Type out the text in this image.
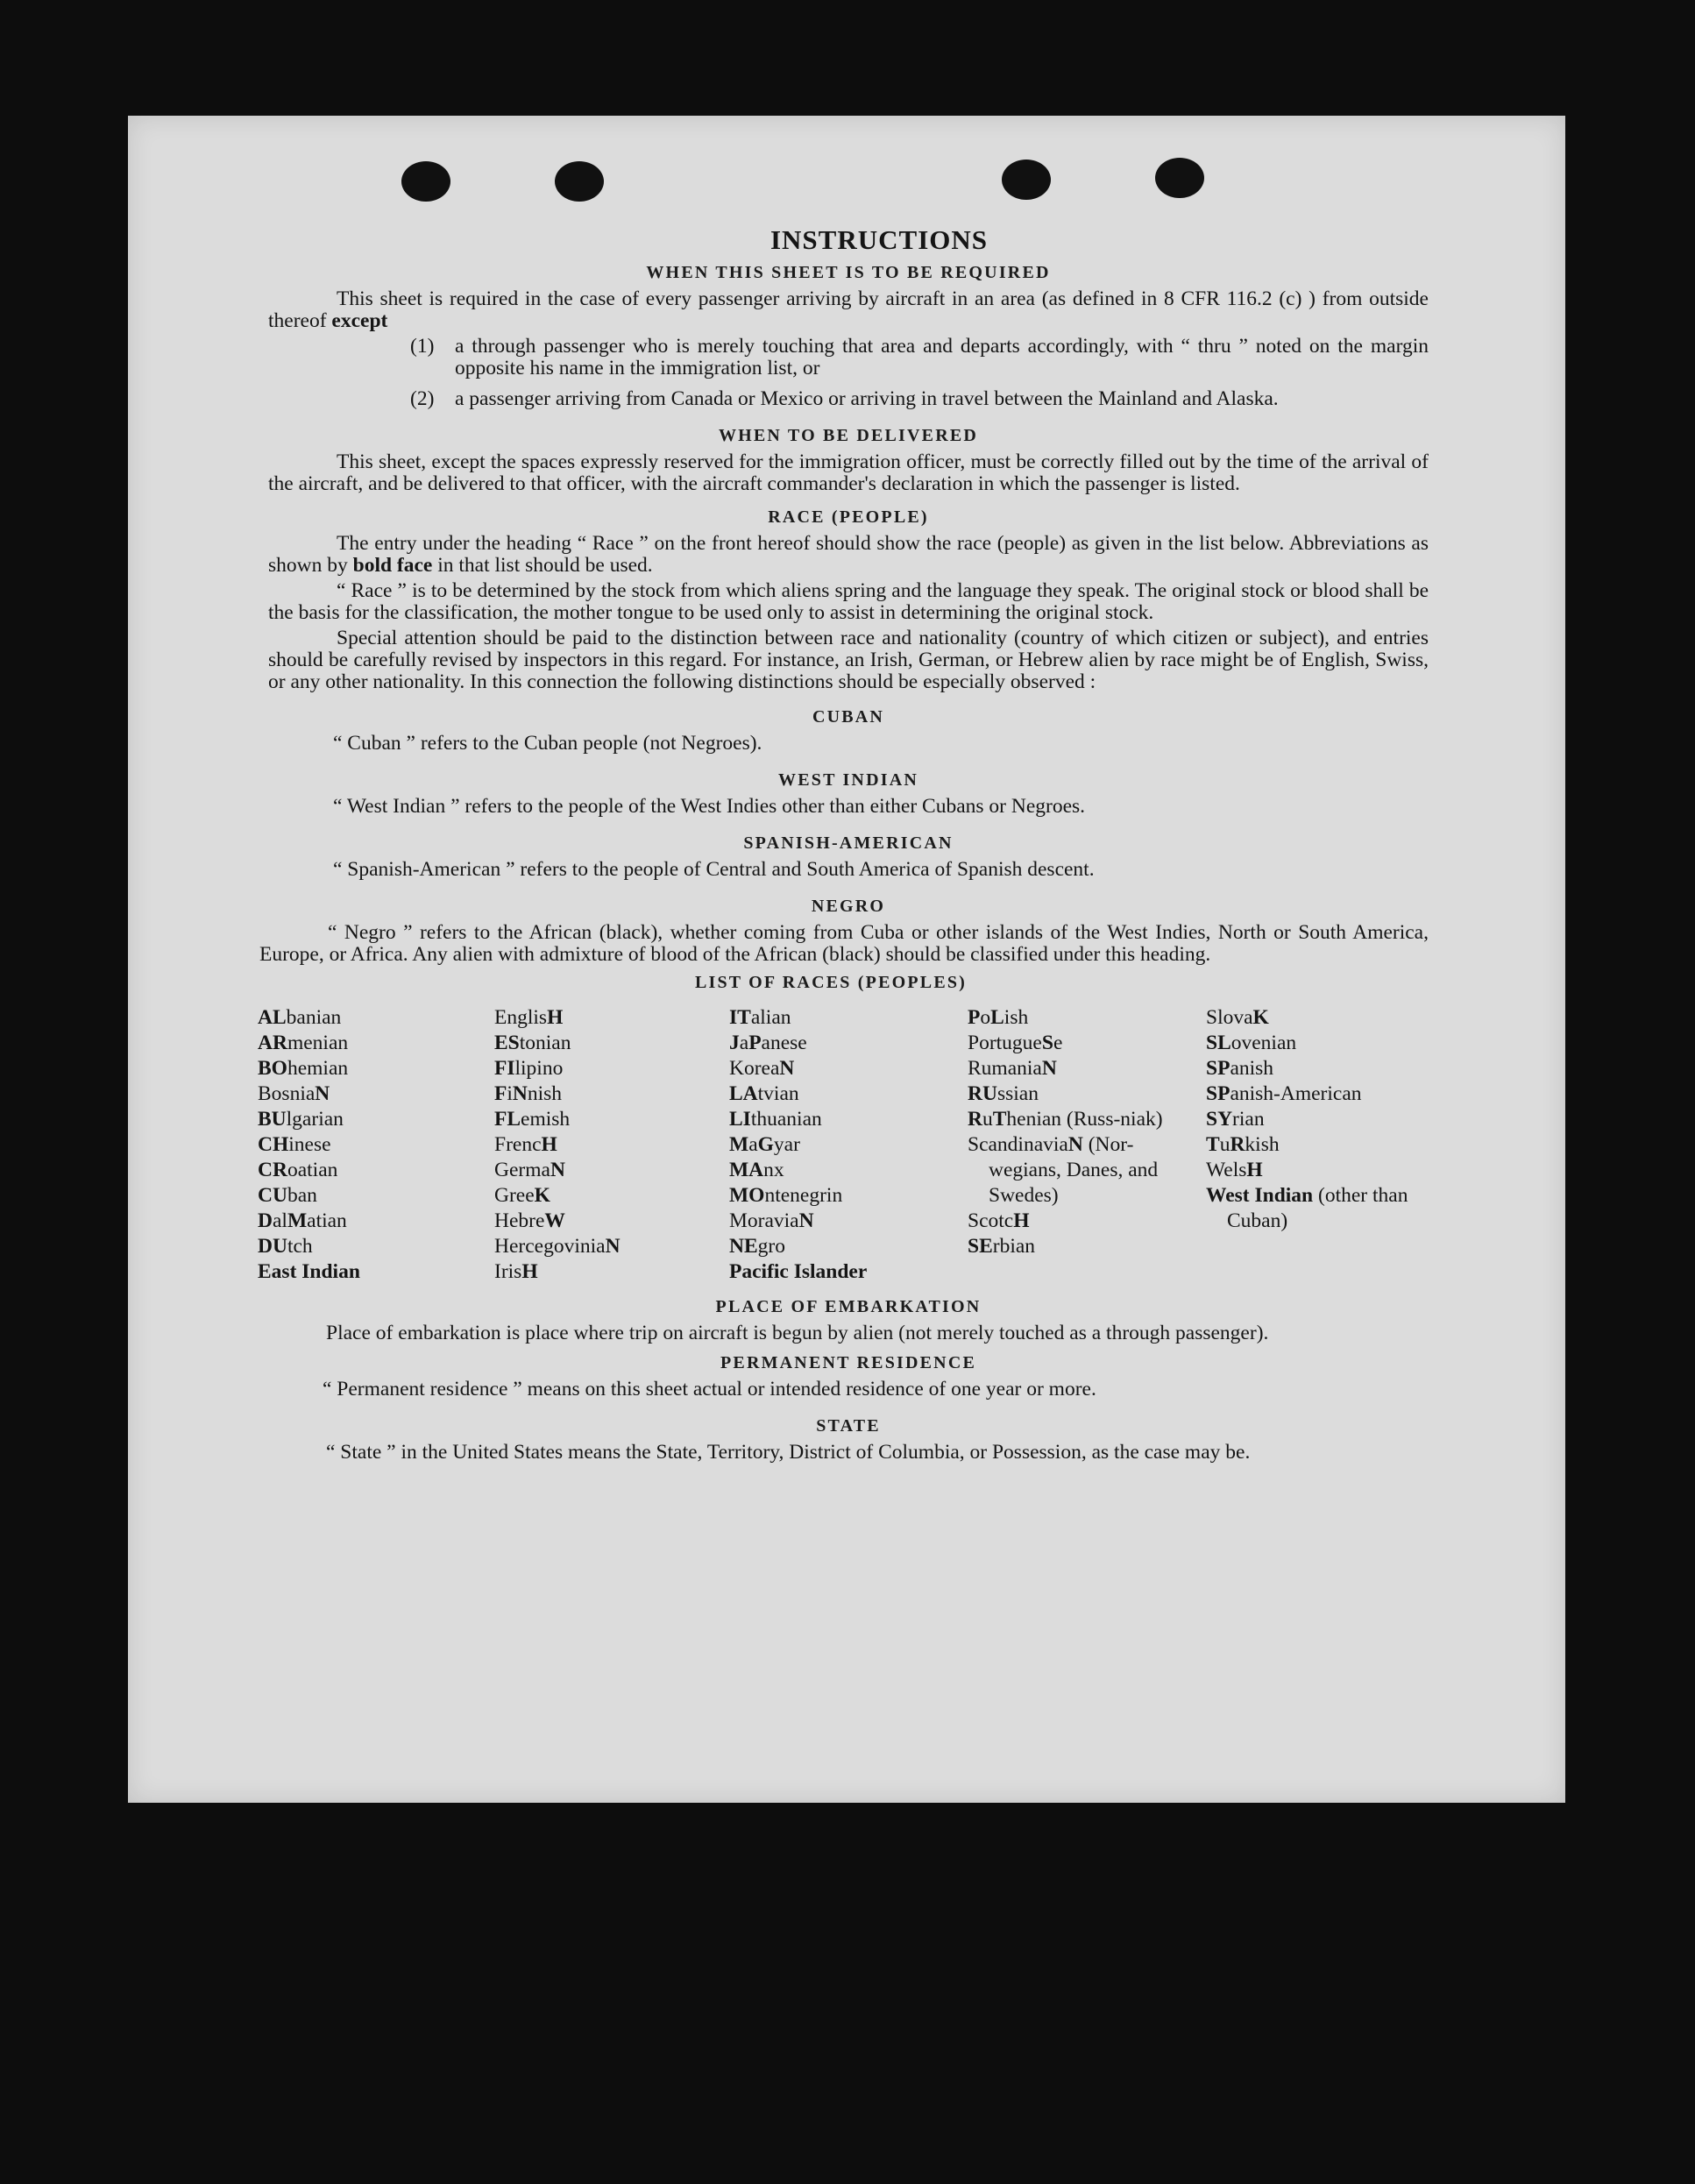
INSTRUCTIONS
WHEN THIS SHEET IS TO BE REQUIRED

This sheet is required in the case of every passenger arriving by aircraft in an area (as defined in 8 CFR 116.2 (c) ) from outside thereof except

(1)	a through passenger who is merely touching that area and departs accordingly, with “ thru ” noted on the margin opposite his name in the immigration list, or
(2)	a passenger arriving from Canada or Mexico or arriving in travel between the Mainland and Alaska.
WHEN TO BE DELIVERED

This sheet, except the spaces expressly reserved for the immigration officer, must be correctly filled out by the time of the arrival of the aircraft, and be delivered to that officer, with the aircraft commander's declaration in which the passenger is listed.

RACE (PEOPLE)

The entry under the heading “ Race ” on the front hereof should show the race (people) as given in the list below. Abbreviations as shown by bold face in that list should be used.

“ Race ” is to be determined by the stock from which aliens spring and the language they speak. The original stock or blood shall be the basis for the classification, the mother tongue to be used only to assist in determining the original stock.

Special attention should be paid to the distinction between race and nationality (country of which citizen or subject), and entries should be carefully revised by inspectors in this regard. For instance, an Irish, German, or Hebrew alien by race might be of English, Swiss, or any other nationality. In this connection the following distinctions should be especially observed :

CUBAN

“ Cuban ” refers to the Cuban people (not Negroes).

WEST INDIAN

“ West Indian ” refers to the people of the West Indies other than either Cubans or Negroes.

SPANISH-AMERICAN

“ Spanish-American ” refers to the people of Central and South America of Spanish descent.

NEGRO

“ Negro ” refers to the African (black), whether coming from Cuba or other islands of the West Indies, North or South America, Europe, or Africa. Any alien with admixture of blood of the African (black) should be classified under this heading.

LIST OF RACES (PEOPLES)
ALbanian
ARmenian
BOhemian
BosniaN
BUlgarian
CHinese
CRoatian
CUban
DalMatian
DUtch
East Indian
EnglisH
EStonian
FIlipino
FiNnish
FLemish
FrencH
GermaN
GreeK
HebreW
HercegoviniaN
IrisH
ITalian
JaPanese
KoreaN
LAtvian
LIthuanian
MaGyar
MAnx
MOntenegrin
MoraviaN
NEgro
Pacific Islander
PoLish
PortugueSe
RumaniaN
RUssian
RuThenian (Russ-niak)
ScandinaviaN (Nor-wegians, Danes, and Swedes)
ScotcH
SErbian
SlovaK
SLovenian
SPanish
SPanish-American
SYrian
TuRkish
WelsH
West Indian (other than Cuban)
PLACE OF EMBARKATION

Place of embarkation is place where trip on aircraft is begun by alien (not merely touched as a through passenger).

PERMANENT RESIDENCE

“ Permanent residence ” means on this sheet actual or intended residence of one year or more.

STATE

“ State ” in the United States means the State, Territory, District of Columbia, or Possession, as the case may be.
